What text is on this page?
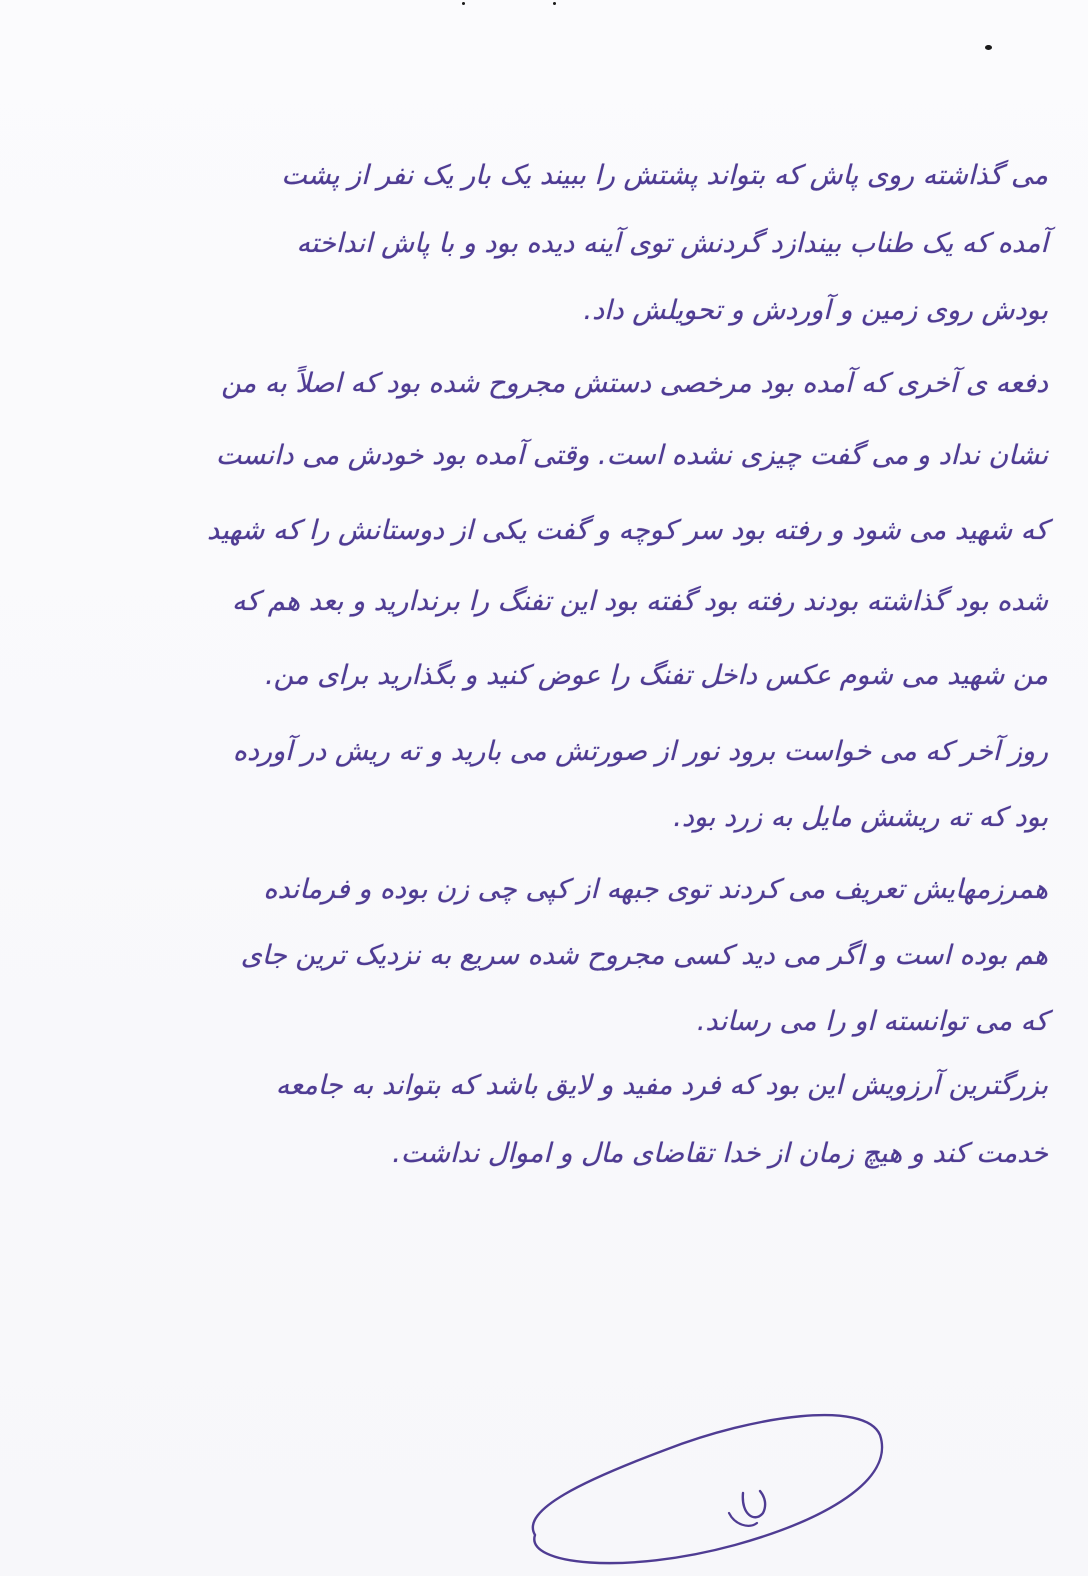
می گذاشته روی پاش که بتواند پشتش را ببیند یک بار یک نفر از پشت
آمده که یک طناب بیندازد گردنش توی آینه دیده بود و با پاش انداخته
بودش روی زمین و آوردش و تحویلش داد.
دفعه ی آخری که آمده بود مرخصی دستش مجروح شده بود که اصلاً به من
نشان نداد و می گفت چیزی نشده است. وقتی آمده بود خودش می دانست
که شهید می شود و رفته بود سر کوچه و گفت یکی از دوستانش را که شهید
شده بود گذاشته بودند رفته بود گفته بود این تفنگ را برندارید و بعد هم که
من شهید می شوم عکس داخل تفنگ را عوض کنید و بگذارید برای من.
روز آخر که می خواست برود نور از صورتش می بارید و ته ریش در آورده
بود که ته ریشش مایل به زرد بود.
همرزمهایش تعریف می کردند توی جبهه از کپی چی زن بوده و فرمانده
هم بوده است و اگر می دید کسی مجروح شده سریع به نزدیک ترین جای
که می توانسته او را می رساند.
بزرگترین آرزویش این بود که فرد مفید و لایق باشد که بتواند به جامعه
خدمت کند و هیچ زمان از خدا تقاضای مال و اموال نداشت.
